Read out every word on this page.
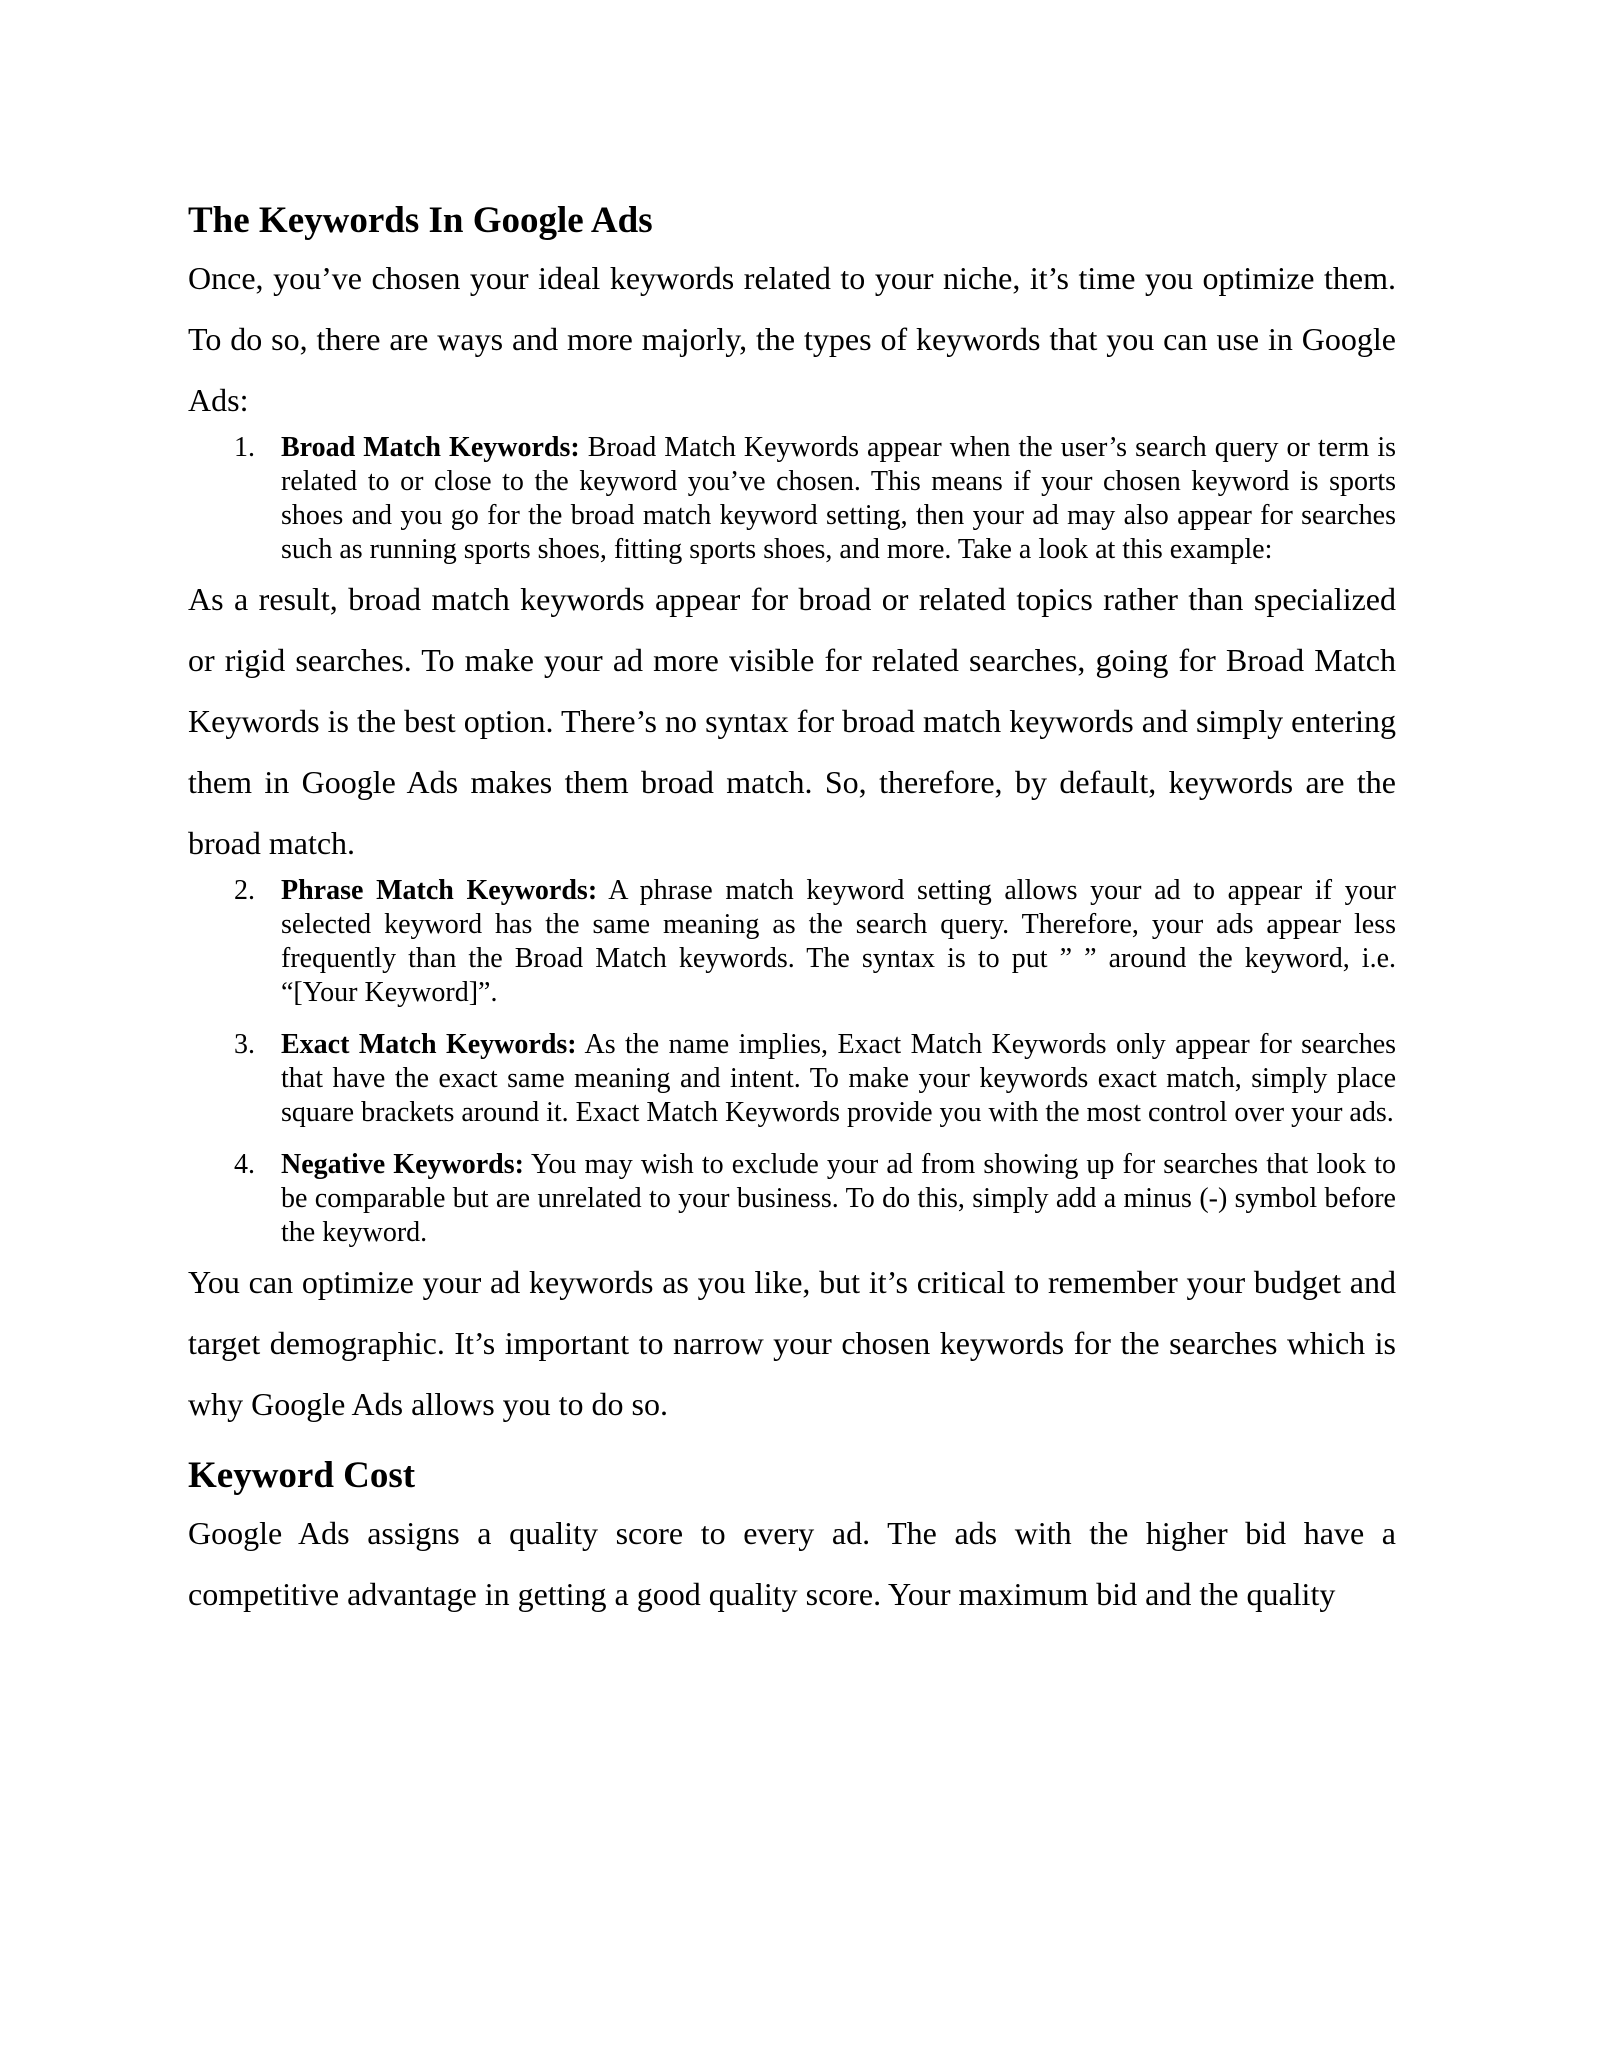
The Keywords In Google Ads

Once, you’ve chosen your ideal keywords related to your niche, it’s time you optimize them. To do so, there are ways and more majorly, the types of keywords that you can use in Google Ads:

1. Broad Match Keywords: Broad Match Keywords appear when the user’s search query or term is related to or close to the keyword you’ve chosen. This means if your chosen keyword is sports shoes and you go for the broad match keyword setting, then your ad may also appear for searches such as running sports shoes, fitting sports shoes, and more. Take a look at this example:

As a result, broad match keywords appear for broad or related topics rather than specialized or rigid searches. To make your ad more visible for related searches, going for Broad Match Keywords is the best option. There’s no syntax for broad match keywords and simply entering them in Google Ads makes them broad match. So, therefore, by default, keywords are the broad match.

2. Phrase Match Keywords: A phrase match keyword setting allows your ad to appear if your selected keyword has the same meaning as the search query. Therefore, your ads appear less frequently than the Broad Match keywords. The syntax is to put ” ” around the keyword, i.e. “[Your Keyword]”.
3. Exact Match Keywords: As the name implies, Exact Match Keywords only appear for searches that have the exact same meaning and intent. To make your keywords exact match, simply place square brackets around it. Exact Match Keywords provide you with the most control over your ads.
4. Negative Keywords: You may wish to exclude your ad from showing up for searches that look to be comparable but are unrelated to your business. To do this, simply add a minus (-) symbol before the keyword.

You can optimize your ad keywords as you like, but it’s critical to remember your budget and target demographic. It’s important to narrow your chosen keywords for the searches which is why Google Ads allows you to do so.

Keyword Cost

Google Ads assigns a quality score to every ad. The ads with the higher bid have a competitive advantage in getting a good quality score. Your maximum bid and the quality
